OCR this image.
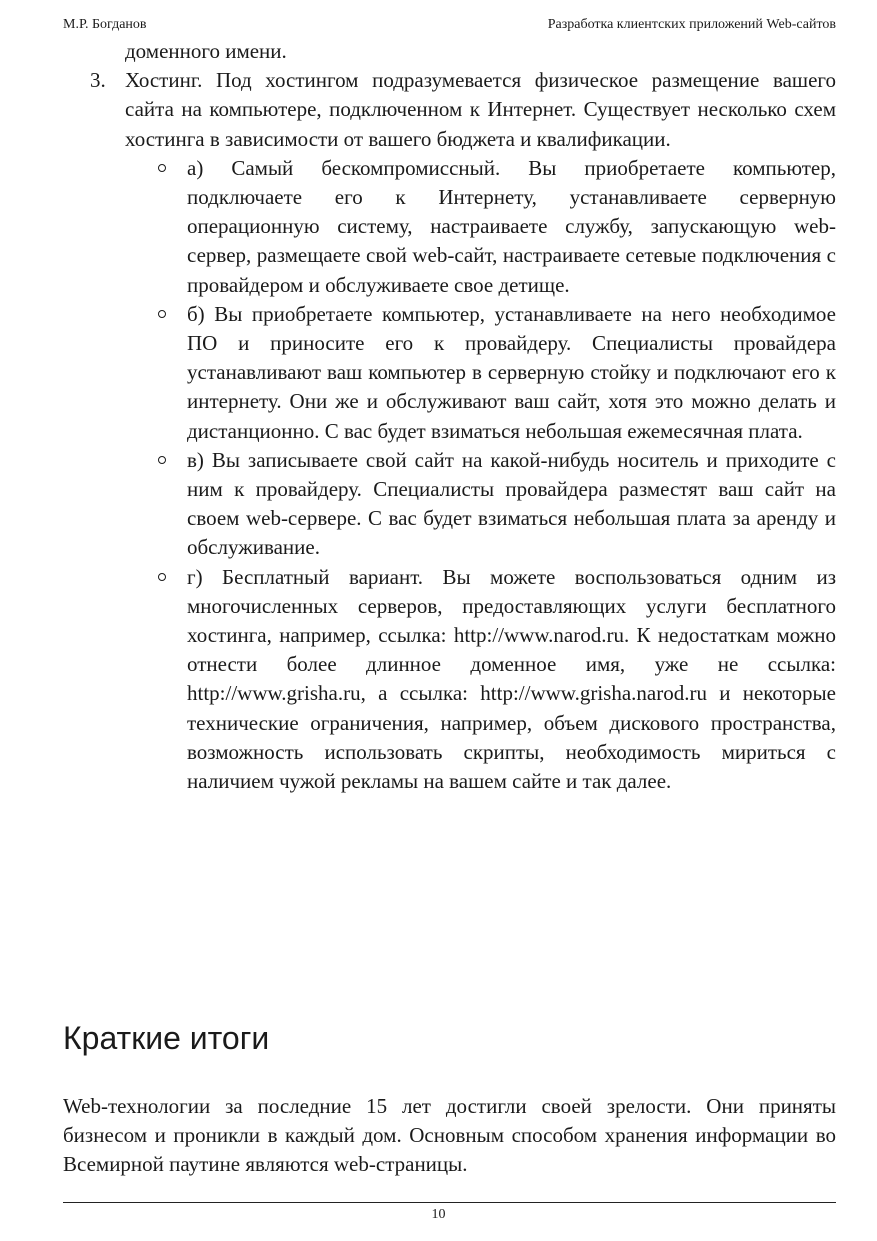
М.Р. Богданов	Разработка клиентских приложений Web-сайтов
доменного имени.
3. Хостинг. Под хостингом подразумевается физическое размещение вашего сайта на компьютере, подключенном к Интернет. Существует несколько схем хостинга в зависимости от вашего бюджета и квалификации.
а) Самый бескомпромиссный. Вы приобретаете компьютер, подключаете его к Интернету, устанавливаете серверную операционную систему, настраиваете службу, запускающую web-сервер, размещаете свой web-сайт, настраиваете сетевые подключения с провайдером и обслуживаете свое детище.
б) Вы приобретаете компьютер, устанавливаете на него необходимое ПО и приносите его к провайдеру. Специалисты провайдера устанавливают ваш компьютер в серверную стойку и подключают его к интернету. Они же и обслуживают ваш сайт, хотя это можно делать и дистанционно. С вас будет взиматься небольшая ежемесячная плата.
в) Вы записываете свой сайт на какой-нибудь носитель и приходите с ним к провайдеру. Специалисты провайдера разместят ваш сайт на своем web-сервере. С вас будет взиматься небольшая плата за аренду и обслуживание.
г) Бесплатный вариант. Вы можете воспользоваться одним из многочисленных серверов, предоставляющих услуги бесплатного хостинга, например, ссылка: http://www.narod.ru. К недостаткам можно отнести более длинное доменное имя, уже не ссылка: http://www.grisha.ru, а ссылка: http://www.grisha.narod.ru и некоторые технические ограничения, например, объем дискового пространства, возможность использовать скрипты, необходимость мириться с наличием чужой рекламы на вашем сайте и так далее.
Краткие итоги

Web-технологии за последние 15 лет достигли своей зрелости. Они приняты бизнесом и проникли в каждый дом. Основным способом хранения информации во Всемирной паутине являются web-страницы.

10
